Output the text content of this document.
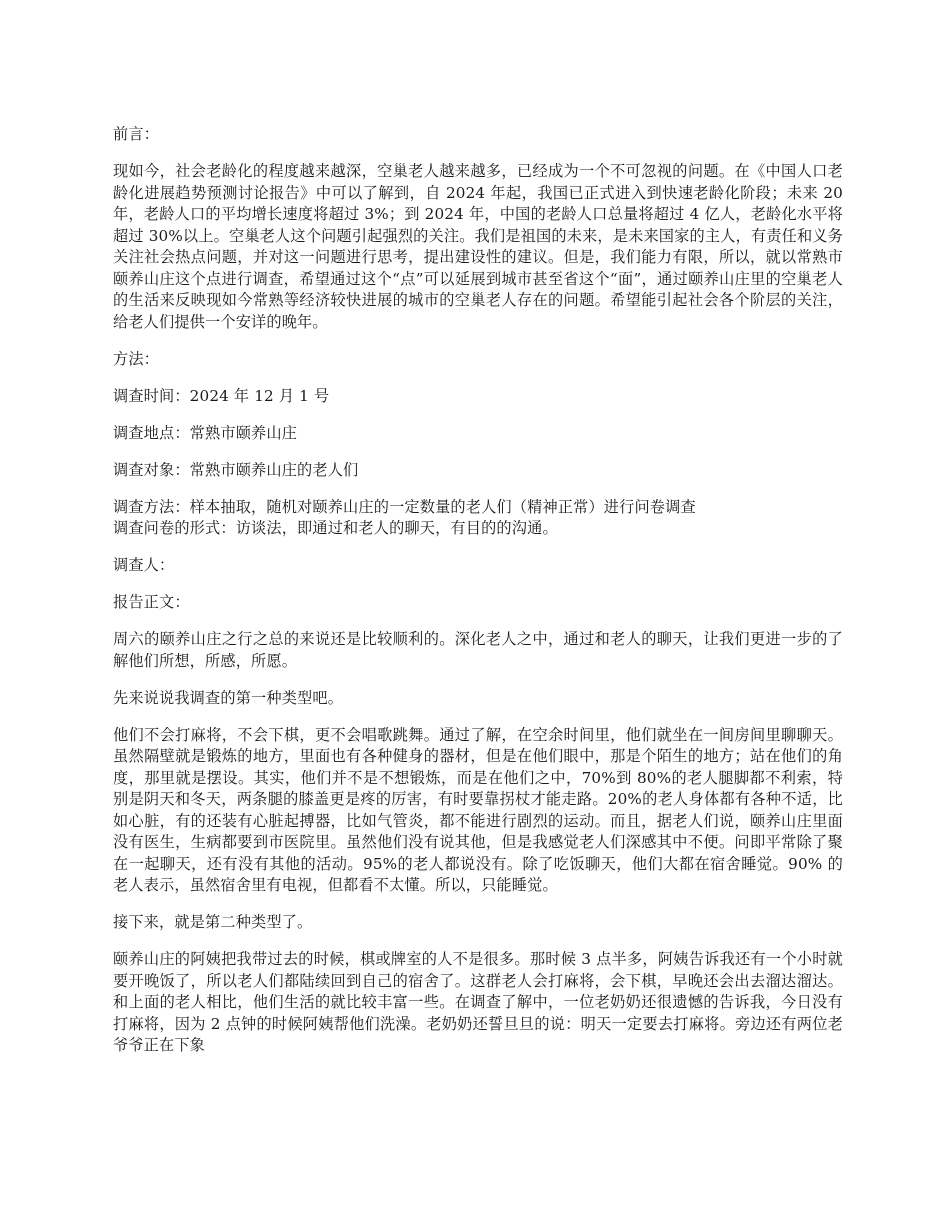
前言：

现如今，社会老龄化的程度越来越深，空巢老人越来越多，已经成为一个不可忽视的问题。在《中国人口老龄化进展趋势预测讨论报告》中可以了解到，自 2024 年起，我国已正式进入到快速老龄化阶段；未来 20 年，老龄人口的平均增长速度将超过 3%；到 2024 年，中国的老龄人口总量将超过 4 亿人，老龄化水平将超过 30%以上。空巢老人这个问题引起强烈的关注。我们是祖国的未来，是未来国家的主人，有责任和义务关注社会热点问题，并对这一问题进行思考，提出建设性的建议。但是，我们能力有限，所以，就以常熟市颐养山庄这个点进行调查，希望通过这个“点”可以延展到城市甚至省这个“面”，通过颐养山庄里的空巢老人的生活来反映现如今常熟等经济较快进展的城市的空巢老人存在的问题。希望能引起社会各个阶层的关注，给老人们提供一个安详的晚年。

方法：

调查时间：2024 年 12 月 1 号

调查地点：常熟市颐养山庄

调查对象：常熟市颐养山庄的老人们

调查方法：样本抽取，随机对颐养山庄的一定数量的老人们（精神正常）进行问卷调查

调查问卷的形式：访谈法，即通过和老人的聊天，有目的的沟通。

调查人：

报告正文：

周六的颐养山庄之行之总的来说还是比较顺利的。深化老人之中，通过和老人的聊天，让我们更进一步的了解他们所想，所感，所愿。

先来说说我调查的第一种类型吧。

他们不会打麻将，不会下棋，更不会唱歌跳舞。通过了解，在空余时间里，他们就坐在一间房间里聊聊天。虽然隔壁就是锻炼的地方，里面也有各种健身的器材，但是在他们眼中，那是个陌生的地方；站在他们的角度，那里就是摆设。其实，他们并不是不想锻炼，而是在他们之中，70%到 80%的老人腿脚都不利索，特别是阴天和冬天，两条腿的膝盖更是疼的厉害，有时要靠拐杖才能走路。20%的老人身体都有各种不适，比如心脏，有的还装有心脏起搏器，比如气管炎，都不能进行剧烈的运动。而且，据老人们说，颐养山庄里面没有医生，生病都要到市医院里。虽然他们没有说其他，但是我感觉老人们深感其中不便。问即平常除了聚在一起聊天，还有没有其他的活动。95%的老人都说没有。除了吃饭聊天，他们大都在宿舍睡觉。90% 的老人表示，虽然宿舍里有电视，但都看不太懂。所以，只能睡觉。

接下来，就是第二种类型了。

颐养山庄的阿姨把我带过去的时候，棋或牌室的人不是很多。那时候 3 点半多，阿姨告诉我还有一个小时就要开晚饭了，所以老人们都陆续回到自己的宿舍了。这群老人会打麻将，会下棋，早晚还会出去溜达溜达。和上面的老人相比，他们生活的就比较丰富一些。在调查了解中，一位老奶奶还很遗憾的告诉我，今日没有打麻将，因为 2 点钟的时候阿姨帮他们洗澡。老奶奶还誓旦旦的说：明天一定要去打麻将。旁边还有两位老爷爷正在下象
